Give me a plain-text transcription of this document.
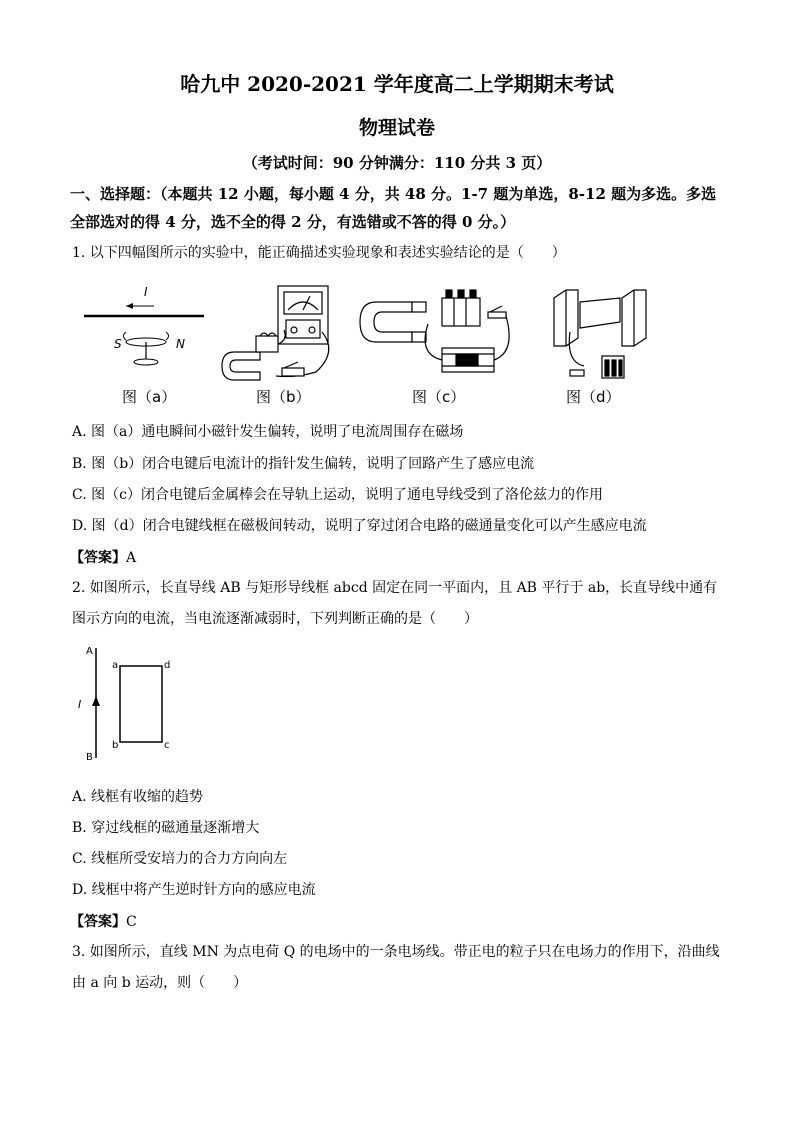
哈九中 2020-2021 学年度高二上学期期末考试
物理试卷
（考试时间：90 分钟满分：110 分共 3 页）
一、选择题：（本题共 12 小题，每小题 4 分，共 48 分。1-7 题为单选，8-12 题为多选。多选全部选对的得 4 分，选不全的得 2 分，有选错或不答的得 0 分。）
1. 以下四幅图所示的实验中，能正确描述实验现象和表述实验结论的是（　　）
I
S	N
图（a）	图（b）	图（c）	图（d）
A. 图（a）通电瞬间小磁针发生偏转，说明了电流周围存在磁场
B. 图（b）闭合电键后电流计的指针发生偏转，说明了回路产生了感应电流
C. 图（c）闭合电键后金属棒会在导轨上运动，说明了通电导线受到了洛伦兹力的作用
D. 图（d）闭合电键线框在磁极间转动，说明了穿过闭合电路的磁通量变化可以产生感应电流
【答案】A
2. 如图所示，长直导线 AB 与矩形导线框 abcd 固定在同一平面内，且 AB 平行于 ab，长直导线中通有图示方向的电流，当电流逐渐减弱时，下列判断正确的是（　　）
A
B
I
a
b	c
d
A. 线框有收缩的趋势
B. 穿过线框的磁通量逐渐增大
C. 线框所受安培力的合力方向向左
D. 线框中将产生逆时针方向的感应电流
【答案】C
3. 如图所示，直线 MN 为点电荷 Q 的电场中的一条电场线。带正电的粒子只在电场力的作用下，沿曲线由 a 向 b 运动，则（　　）
